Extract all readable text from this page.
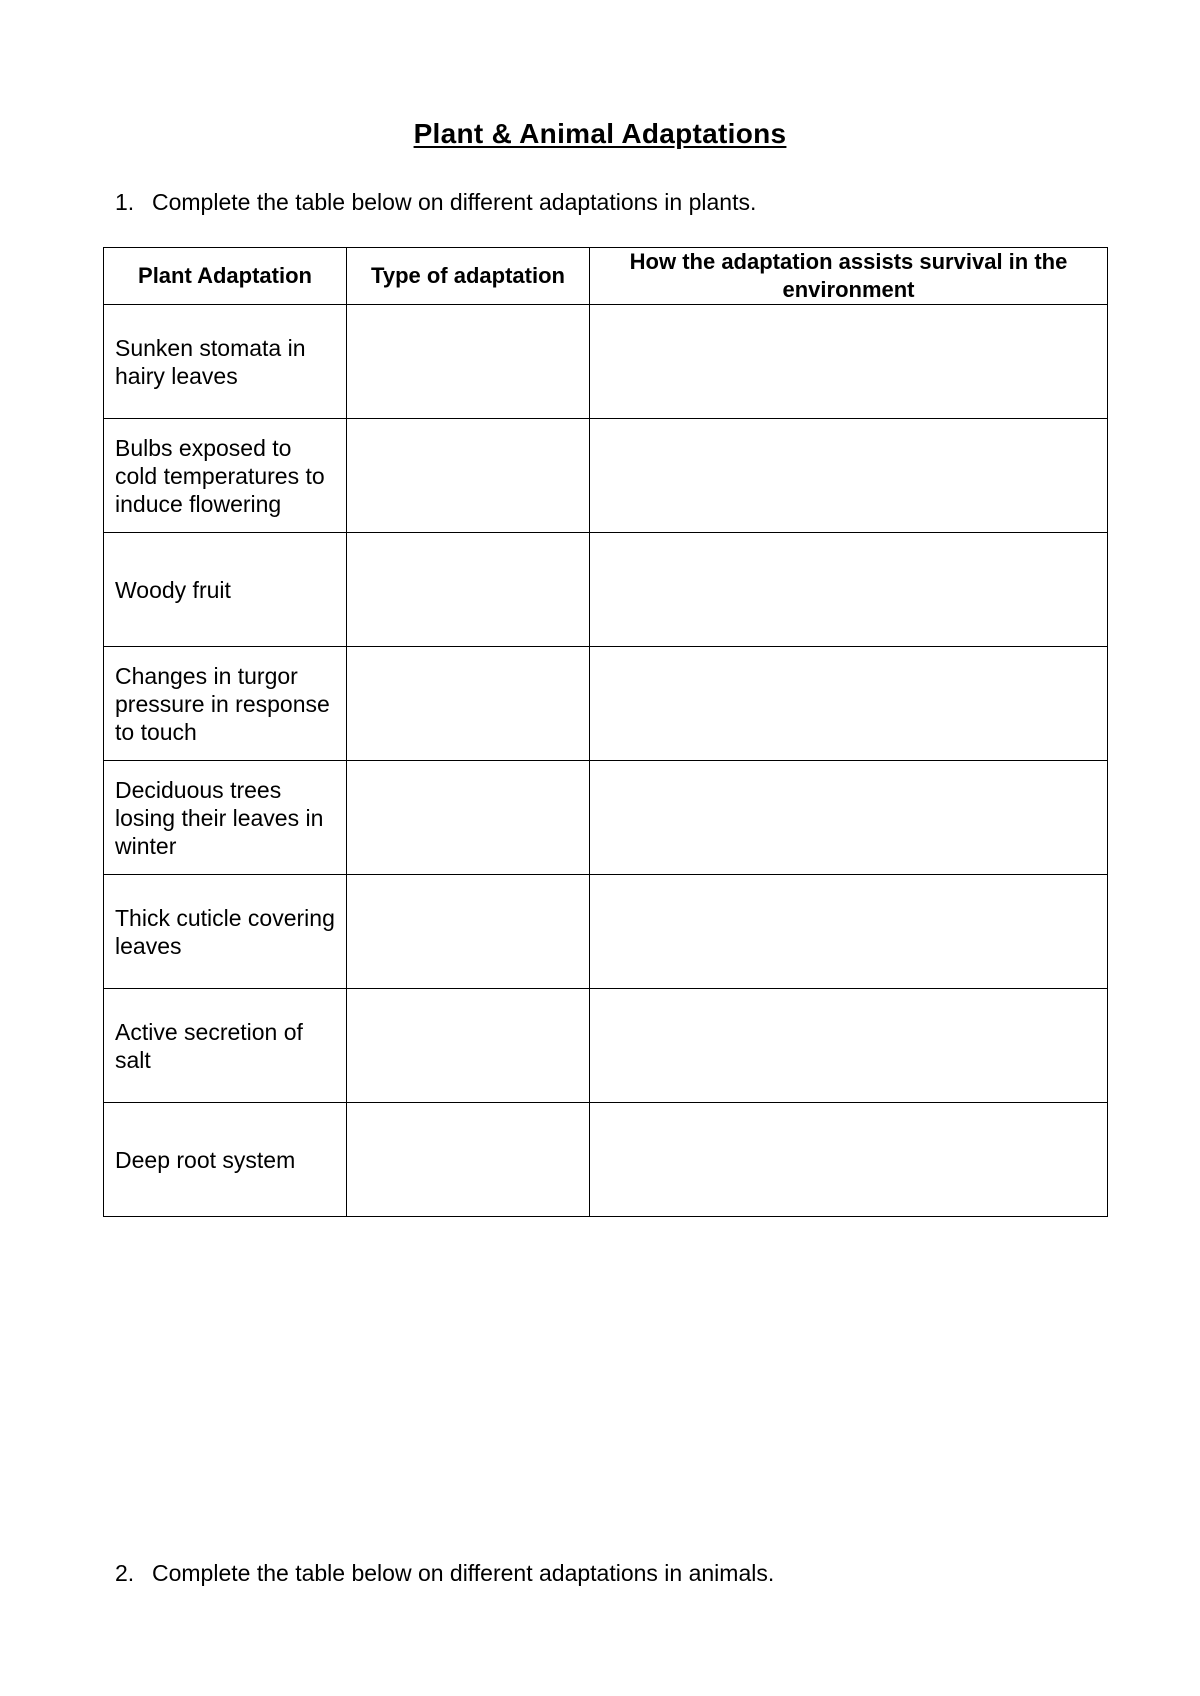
Plant & Animal Adaptations
1. Complete the table below on different adaptations in plants.
Plant Adaptation	Type of adaptation	How the adaptation assists survival in the environment
Sunken stomata in hairy leaves		
Bulbs exposed to cold temperatures to induce flowering		
Woody fruit		
Changes in turgor pressure in response to touch		
Deciduous trees losing their leaves in winter		
Thick cuticle covering leaves		
Active secretion of salt		
Deep root system		
2. Complete the table below on different adaptations in animals.
